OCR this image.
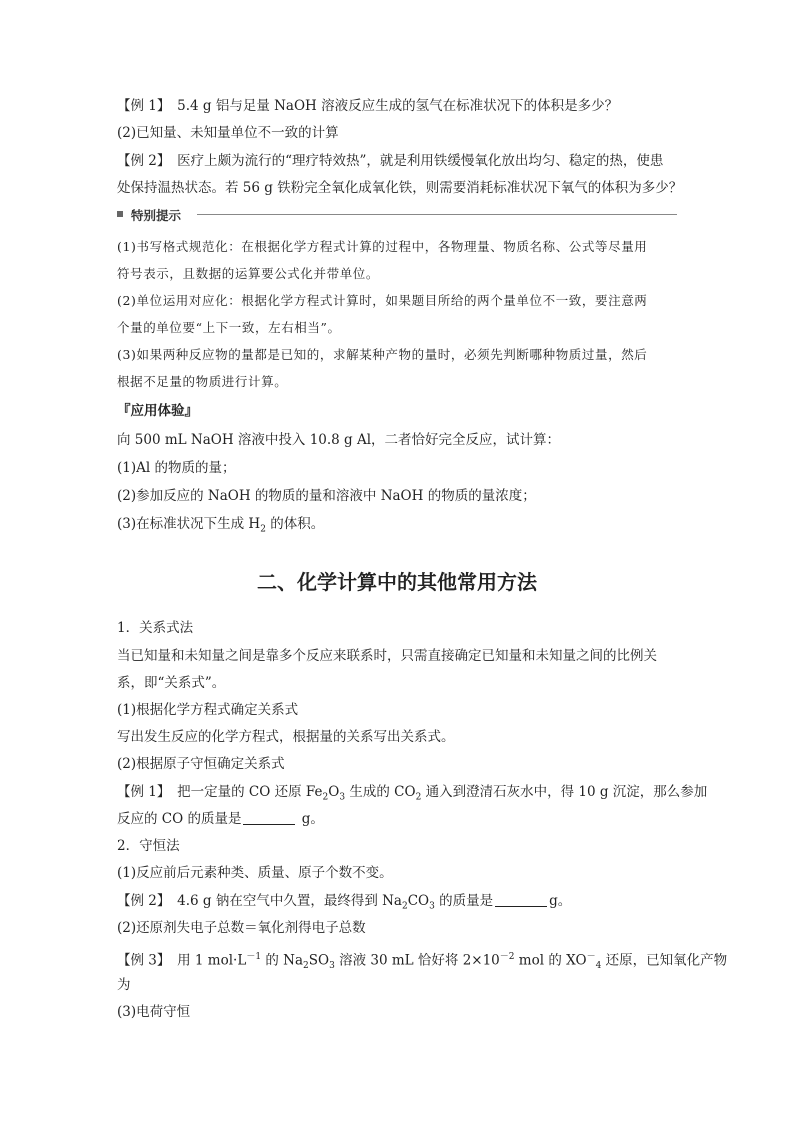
【例 1】　5.4 g 铝与足量 NaOH 溶液反应生成的氢气在标准状况下的体积是多少？
(2)已知量、未知量单位不一致的计算
【例 2】　医疗上颇为流行的“理疗特效热”，就是利用铁缓慢氧化放出均匀、稳定的热，使患
处保持温热状态。若 56 g 铁粉完全氧化成氧化铁，则需要消耗标准状况下氧气的体积为多少？
特别提示
(1)书写格式规范化：在根据化学方程式计算的过程中，各物理量、物质名称、公式等尽量用
符号表示，且数据的运算要公式化并带单位。
(2)单位运用对应化：根据化学方程式计算时，如果题目所给的两个量单位不一致，要注意两
个量的单位要“上下一致，左右相当”。
(3)如果两种反应物的量都是已知的，求解某种产物的量时，必须先判断哪种物质过量，然后
根据不足量的物质进行计算。
『应用体验』
向 500 mL NaOH 溶液中投入 10.8 g Al，二者恰好完全反应，试计算：
(1)Al 的物质的量；
(2)参加反应的 NaOH 的物质的量和溶液中 NaOH 的物质的量浓度；
(3)在标准状况下生成 $H_2$ 的体积。
二、化学计算中的其他常用方法
1．关系式法
当已知量和未知量之间是靠多个反应来联系时，只需直接确定已知量和未知量之间的比例关
系，即“关系式”。
(1)根据化学方程式确定关系式
写出发生反应的化学方程式，根据量的关系写出关系式。
(2)根据原子守恒确定关系式
【例 1】　把一定量的 CO 还原 $Fe_2O_3$ 生成的 $CO_2$ 通入到澄清石灰水中，得 10 g 沉淀，那么参加
反应的 CO 的质量是	g。
2．守恒法
(1)反应前后元素种类、质量、原子个数不变。
【例 2】　4.6 g 钠在空气中久置，最终得到 $Na_2CO_3$ 的质量是	g。
(2)还原剂失电子总数＝氧化剂得电子总数
【例 3】　用 1 $mol\cdot L^{-1}$ 的 $Na_2SO_3$ 溶液 30 mL 恰好将 $2\times 10^{-2}$ mol 的 $XO^-_4$ 还原，已知氧化产物
为
(3)电荷守恒
